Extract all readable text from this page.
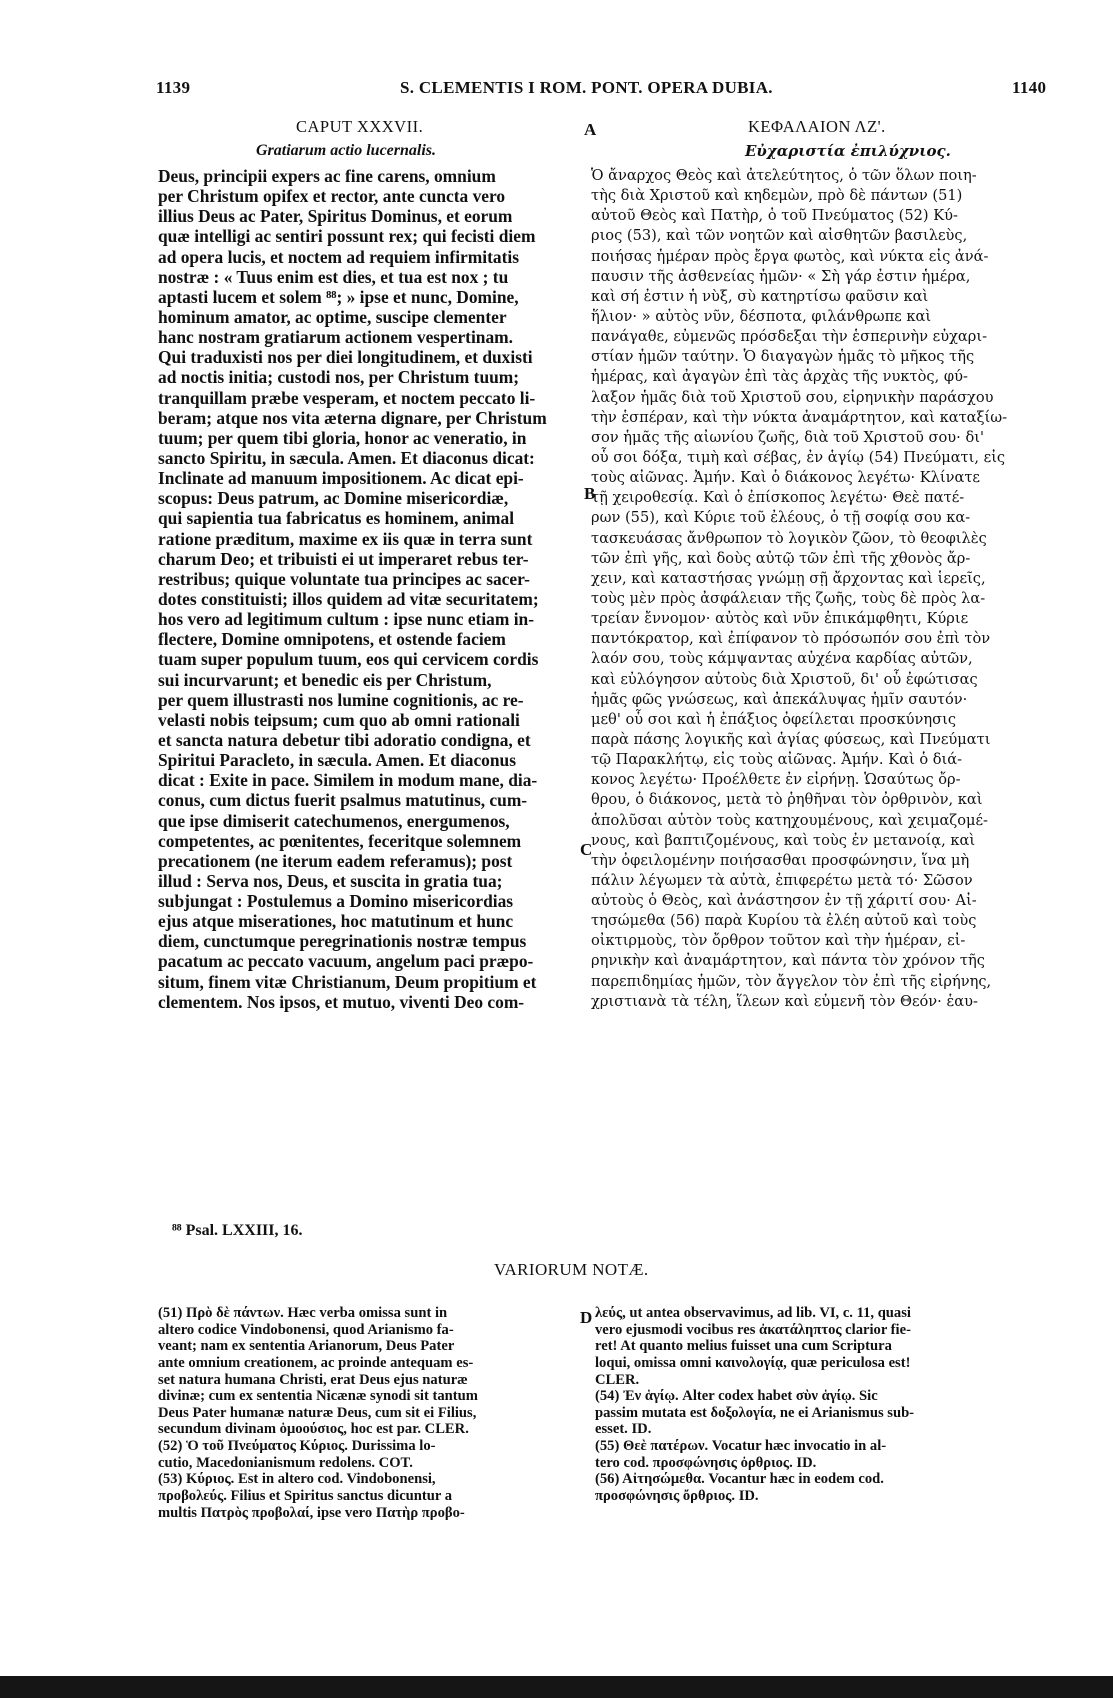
1139	S. CLEMENTIS I ROM. PONT. OPERA DUBIA.	1140
CAPUT XXXVII.	ΚΕΦΑΛΑΙΟΝ ΛΖ'.
Gratiarum actio lucernalis.	Εὐχαριστία ἐπιλύχνιος.
A
B
C
D
Deus, principii expers ac fine carens, omnium
per Christum opifex et rector, ante cuncta vero
illius Deus ac Pater, Spiritus Dominus, et eorum
quæ intelligi ac sentiri possunt rex; qui fecisti diem
ad opera lucis, et noctem ad requiem infirmitatis
nostræ : « Tuus enim est dies, et tua est nox ; tu
aptasti lucem et solem ⁸⁸; » ipse et nunc, Domine,
hominum amator, ac optime, suscipe clementer
hanc nostram gratiarum actionem vespertinam.
Qui traduxisti nos per diei longitudinem, et duxisti
ad noctis initia; custodi nos, per Christum tuum;
tranquillam præbe vesperam, et noctem peccato li-
beram; atque nos vita æterna dignare, per Christum
tuum; per quem tibi gloria, honor ac veneratio, in
sancto Spiritu, in sæcula. Amen. Et diaconus dicat:
Inclinate ad manuum impositionem. Ac dicat epi-
scopus: Deus patrum, ac Domine misericordiæ,
qui sapientia tua fabricatus es hominem, animal
ratione præditum, maxime ex iis quæ in terra sunt
charum Deo; et tribuisti ei ut imperaret rebus ter-
restribus; quique voluntate tua principes ac sacer-
dotes constituisti; illos quidem ad vitæ securitatem;
hos vero ad legitimum cultum : ipse nunc etiam in-
flectere, Domine omnipotens, et ostende faciem
tuam super populum tuum, eos qui cervicem cordis
sui incurvarunt; et benedic eis per Christum,
per quem illustrasti nos lumine cognitionis, ac re-
velasti nobis teipsum; cum quo ab omni rationali
et sancta natura debetur tibi adoratio condigna, et
Spiritui Paracleto, in sæcula. Amen. Et diaconus
dicat : Exite in pace. Similem in modum mane, dia-
conus, cum dictus fuerit psalmus matutinus, cum-
que ipse dimiserit catechumenos, energumenos,
competentes, ac pœnitentes, feceritque solemnem
precationem (ne iterum eadem referamus); post
illud : Serva nos, Deus, et suscita in gratia tua;
subjungat : Postulemus a Domino misericordias
ejus atque miserationes, hoc matutinum et hunc
diem, cunctumque peregrinationis nostræ tempus
pacatum ac peccato vacuum, angelum paci præpo-
situm, finem vitæ Christianum, Deum propitium et
clementem. Nos ipsos, et mutuo, viventi Deo com-
Ὁ ἄναρχος Θεὸς καὶ ἀτελεύτητος, ὁ τῶν ὅλων ποιη-
τὴς διὰ Χριστοῦ καὶ κηδεμὼν, πρὸ δὲ πάντων (51)
αὐτοῦ Θεὸς καὶ Πατὴρ, ὁ τοῦ Πνεύματος (52) Κύ-
ριος (53), καὶ τῶν νοητῶν καὶ αἰσθητῶν βασιλεὺς,
ποιήσας ἡμέραν πρὸς ἔργα φωτὸς, καὶ νύκτα εἰς ἀνά-
παυσιν τῆς ἀσθενείας ἡμῶν· « Σὴ γάρ ἐστιν ἡμέρα,
καὶ σή ἐστιν ἡ νὺξ, σὺ κατηρτίσω φαῦσιν καὶ
ἥλιον· » αὐτὸς νῦν, δέσποτα, φιλάνθρωπε καὶ
πανάγαθε, εὐμενῶς πρόσδεξαι τὴν ἑσπερινὴν εὐχαρι-
στίαν ἡμῶν ταύτην. Ὁ διαγαγὼν ἡμᾶς τὸ μῆκος τῆς
ἡμέρας, καὶ ἀγαγὼν ἐπὶ τὰς ἀρχὰς τῆς νυκτὸς, φύ-
λαξον ἡμᾶς διὰ τοῦ Χριστοῦ σου, εἰρηνικὴν παράσχου
τὴν ἑσπέραν, καὶ τὴν νύκτα ἀναμάρτητον, καὶ καταξίω-
σον ἡμᾶς τῆς αἰωνίου ζωῆς, διὰ τοῦ Χριστοῦ σου· δι'
οὗ σοι δόξα, τιμὴ καὶ σέβας, ἐν ἁγίῳ (54) Πνεύματι, εἰς
τοὺς αἰῶνας. Ἀμήν. Καὶ ὁ διάκονος λεγέτω· Κλίνατε
τῇ χειροθεσίᾳ. Καὶ ὁ ἐπίσκοπος λεγέτω· Θεὲ πατέ-
ρων (55), καὶ Κύριε τοῦ ἐλέους, ὁ τῇ σοφίᾳ σου κα-
τασκευάσας ἄνθρωπον τὸ λογικὸν ζῶον, τὸ θεοφιλὲς
τῶν ἐπὶ γῆς, καὶ δοὺς αὐτῷ τῶν ἐπὶ τῆς χθονὸς ἄρ-
χειν, καὶ καταστήσας γνώμῃ σῇ ἄρχοντας καὶ ἱερεῖς,
τοὺς μὲν πρὸς ἀσφάλειαν τῆς ζωῆς, τοὺς δὲ πρὸς λα-
τρείαν ἔννομον· αὐτὸς καὶ νῦν ἐπικάμφθητι, Κύριε
παντόκρατορ, καὶ ἐπίφανον τὸ πρόσωπόν σου ἐπὶ τὸν
λαόν σου, τοὺς κάμψαντας αὐχένα καρδίας αὐτῶν,
καὶ εὐλόγησον αὐτοὺς διὰ Χριστοῦ, δι' οὗ ἐφώτισας
ἡμᾶς φῶς γνώσεως, καὶ ἀπεκάλυψας ἡμῖν σαυτόν·
μεθ' οὗ σοι καὶ ἡ ἐπάξιος ὀφείλεται προσκύνησις
παρὰ πάσης λογικῆς καὶ ἁγίας φύσεως, καὶ Πνεύματι
τῷ Παρακλήτῳ, εἰς τοὺς αἰῶνας. Ἀμήν. Καὶ ὁ διά-
κονος λεγέτω· Προέλθετε ἐν εἰρήνῃ. Ὡσαύτως ὄρ-
θρου, ὁ διάκονος, μετὰ τὸ ῥηθῆναι τὸν ὀρθρινὸν, καὶ
ἀπολῦσαι αὐτὸν τοὺς κατηχουμένους, καὶ χειμαζομέ-
νους, καὶ βαπτιζομένους, καὶ τοὺς ἐν μετανοίᾳ, καὶ
τὴν ὀφειλομένην ποιήσασθαι προσφώνησιν, ἵνα μὴ
πάλιν λέγωμεν τὰ αὐτὰ, ἐπιφερέτω μετὰ τό· Σῶσον
αὐτοὺς ὁ Θεὸς, καὶ ἀνάστησον ἐν τῇ χάριτί σου· Αἰ-
τησώμεθα (56) παρὰ Κυρίου τὰ ἐλέη αὐτοῦ καὶ τοὺς
οἰκτιρμοὺς, τὸν ὄρθρον τοῦτον καὶ τὴν ἡμέραν, εἰ-
ρηνικὴν καὶ ἀναμάρτητον, καὶ πάντα τὸν χρόνον τῆς
παρεπιδημίας ἡμῶν, τὸν ἄγγελον τὸν ἐπὶ τῆς εἰρήνης,
χριστιανὰ τὰ τέλη, ἵλεων καὶ εὐμενῆ τὸν Θεόν· ἑαυ-
⁸⁸ Psal. LXXIII, 16.
VARIORUM NOTÆ.
(51) Πρὸ δὲ πάντων. Hæc verba omissa sunt in
altero codice Vindobonensi, quod Arianismo fa-
veant; nam ex sententia Arianorum, Deus Pater
ante omnium creationem, ac proinde antequam es-
set natura humana Christi, erat Deus ejus naturæ
divinæ; cum ex sententia Nicænæ synodi sit tantum
Deus Pater humanæ naturæ Deus, cum sit ei Filius,
secundum divinam ὁμοούσιος, hoc est par. CLER.
(52) Ὁ τοῦ Πνεύματος Κύριος. Durissima lo-
cutio, Macedonianismum redolens. COT.
(53) Κύριος. Est in altero cod. Vindobonensi,
προβολεύς. Filius et Spiritus sanctus dicuntur a
multis Πατρὸς προβολαί, ipse vero Πατὴρ προβο-
λεύς, ut antea observavimus, ad lib. VI, c. 11, quasi
vero ejusmodi vocibus res ἀκατάληπτος clarior fie-
ret! At quanto melius fuisset una cum Scriptura
loqui, omissa omni καινολογίᾳ, quæ periculosa est!
CLER.
(54) Ἐν ἁγίῳ. Alter codex habet σὺν ἁγίῳ. Sic
passim mutata est δοξολογία, ne ei Arianismus sub-
esset. ID.
(55) Θεὲ πατέρων. Vocatur hæc invocatio in al-
tero cod. προσφώνησις ὀρθριος. ID.
(56) Αἰτησώμεθα. Vocantur hæc in eodem cod.
προσφώνησις ὄρθριος. ID.
